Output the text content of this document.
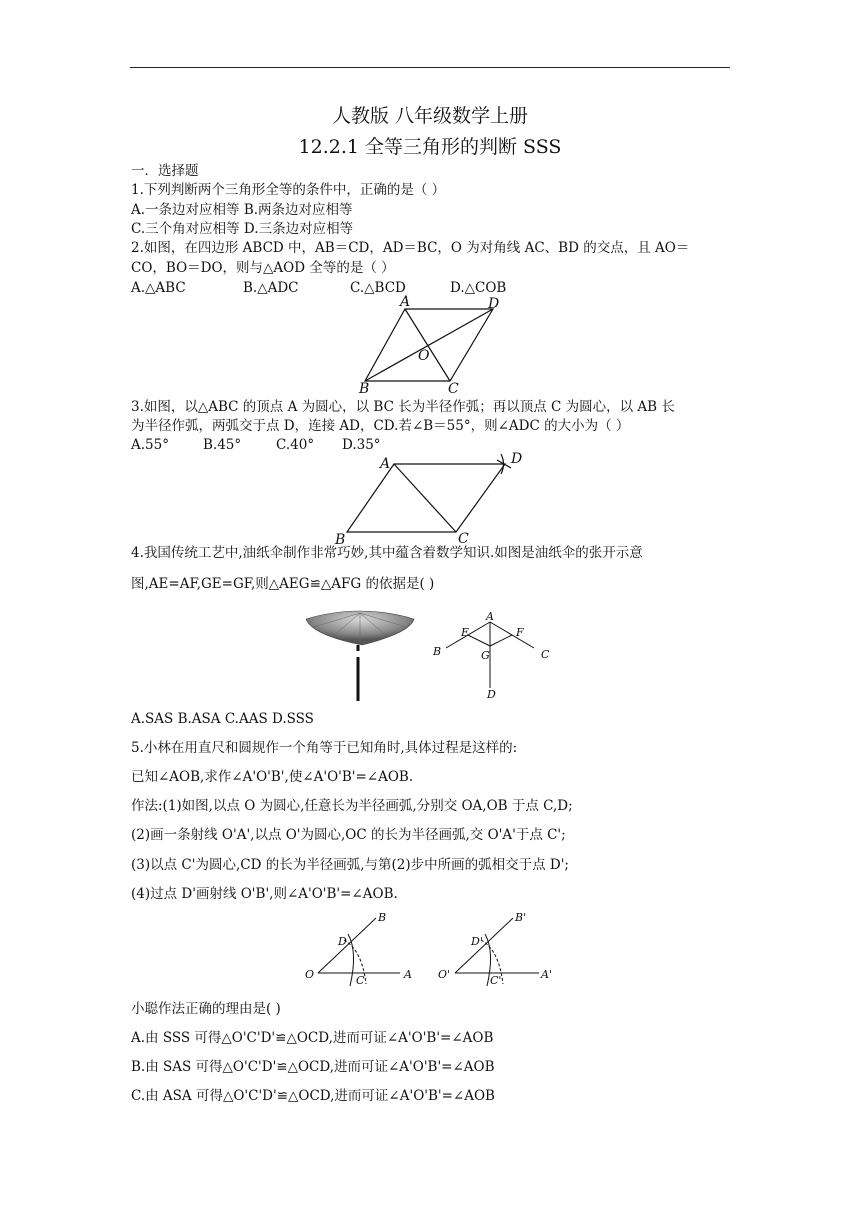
人教版 八年级数学上册
12.2.1 全等三角形的判断 SSS
一．选择题
1.下列判断两个三角形全等的条件中，正确的是（ ）
A.一条边对应相等 B.两条边对应相等
C.三个角对应相等 D.三条边对应相等
2.如图，在四边形 ABCD 中，AB＝CD，AD＝BC，O 为对角线 AC、BD 的交点，且 AO＝
CO，BO＝DO，则与△AOD 全等的是（ ）
A.△ABC	B.△ADC	C.△BCD	D.△COB
A	D
B	C
O
3.如图，以△ABC 的顶点 A 为圆心，以 BC 长为半径作弧；再以顶点 C 为圆心，以 AB 长
为半径作弧，两弧交于点 D，连接 AD，CD.若∠B＝55°，则∠ADC 的大小为（ ）
A.55°	B.45°	C.40° D.35°
A	D
B	C
4.我国传统工艺中,油纸伞制作非常巧妙,其中蕴含着数学知识.如图是油纸伞的张开示意
图,AE=AF,GE=GF,则△AEG≌△AFG 的依据是( )
A
E	F
B	C
G
D
A.SAS B.ASA C.AAS D.SSS
5.小林在用直尺和圆规作一个角等于已知角时,具体过程是这样的:
已知∠AOB,求作∠A'O'B',使∠A'O'B'=∠AOB.
作法:(1)如图,以点 O 为圆心,任意长为半径画弧,分别交 OA,OB 于点 C,D;
(2)画一条射线 O'A',以点 O'为圆心,OC 的长为半径画弧,交 O'A'于点 C';
(3)以点 C'为圆心,CD 的长为半径画弧,与第(2)步中所画的弧相交于点 D';
(4)过点 D'画射线 O'B',则∠A'O'B'=∠AOB.
O	A
B
C
D
O'	A'
B'
C'
D'
小聪作法正确的理由是( )
A.由 SSS 可得△O'C'D'≌△OCD,进而可证∠A'O'B'=∠AOB
B.由 SAS 可得△O'C'D'≌△OCD,进而可证∠A'O'B'=∠AOB
C.由 ASA 可得△O'C'D'≌△OCD,进而可证∠A'O'B'=∠AOB
